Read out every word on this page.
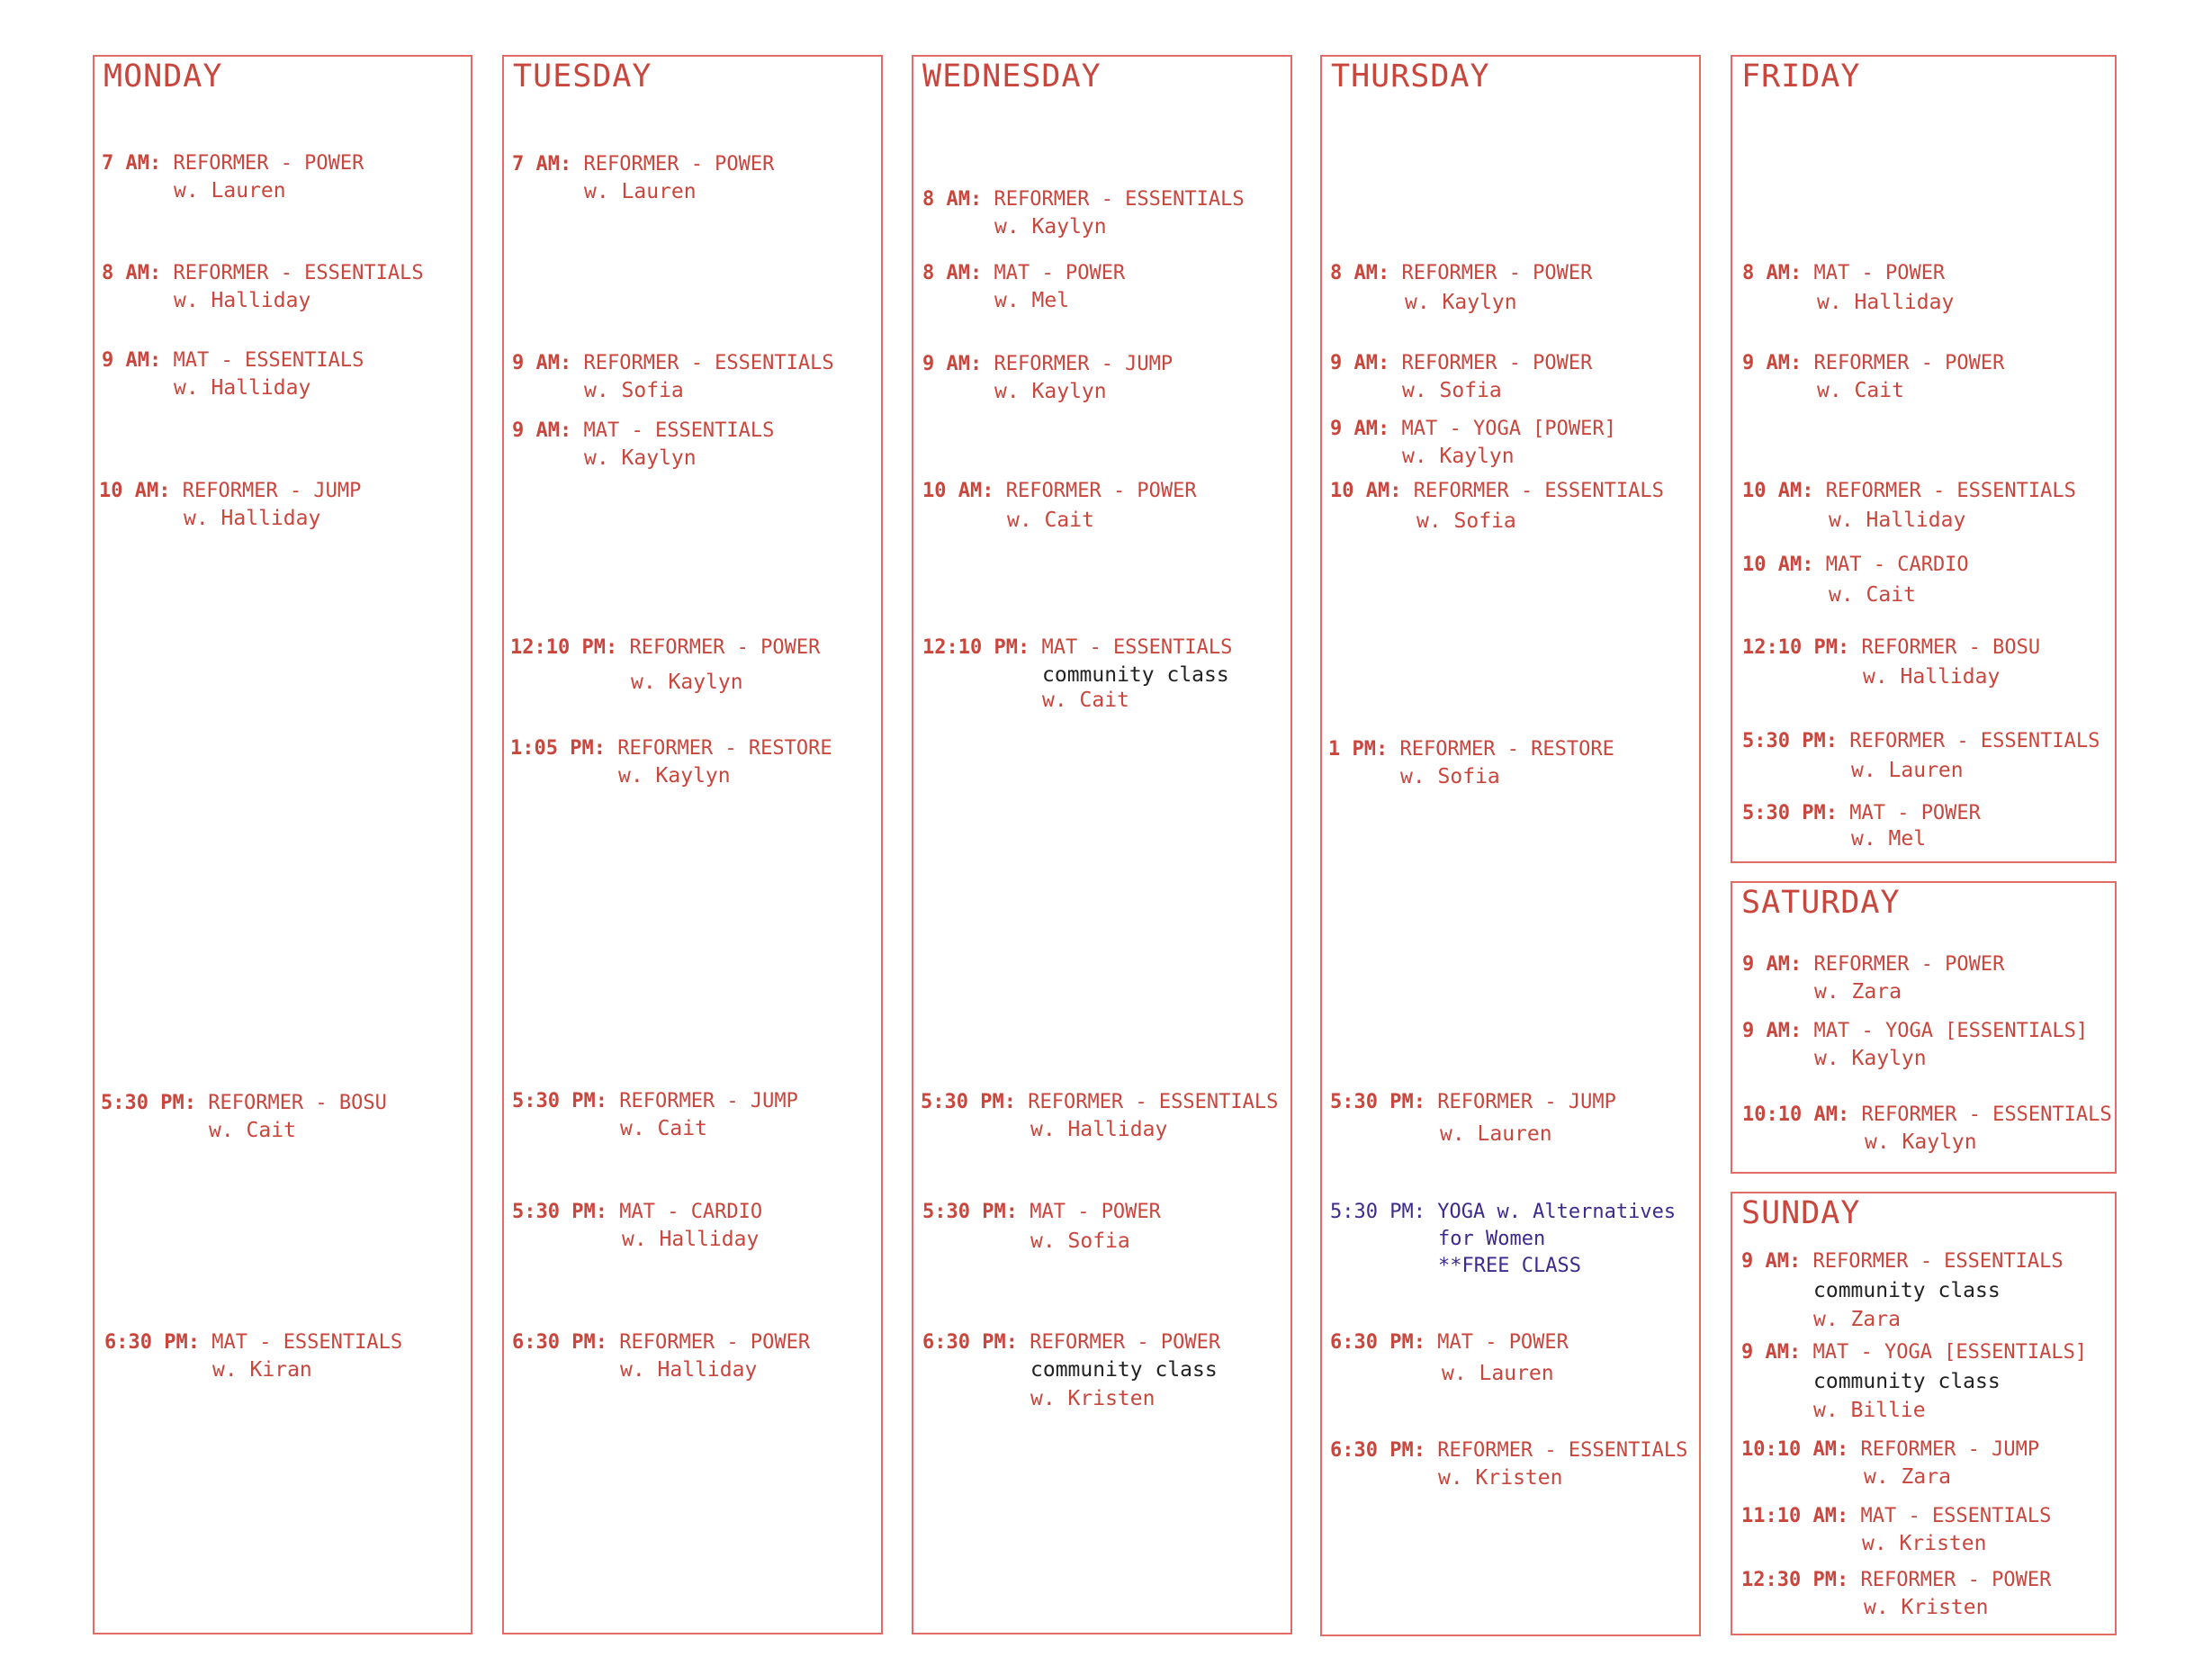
MONDAY
7 AM: REFORMER - POWER
w. Lauren
8 AM: REFORMER - ESSENTIALS
w. Halliday
9 AM: MAT - ESSENTIALS
w. Halliday
10 AM: REFORMER - JUMP
w. Halliday
5:30 PM: REFORMER - BOSU
w. Cait
6:30 PM: MAT - ESSENTIALS
w. Kiran
TUESDAY
7 AM: REFORMER - POWER
w. Lauren
9 AM: REFORMER - ESSENTIALS
w. Sofia
9 AM: MAT - ESSENTIALS
w. Kaylyn
12:10 PM: REFORMER - POWER
w. Kaylyn
1:05 PM: REFORMER - RESTORE
w. Kaylyn
5:30 PM: REFORMER - JUMP
w. Cait
5:30 PM: MAT - CARDIO
w. Halliday
6:30 PM: REFORMER - POWER
w. Halliday
WEDNESDAY
8 AM: REFORMER - ESSENTIALS
w. Kaylyn
8 AM: MAT - POWER
w. Mel
9 AM: REFORMER - JUMP
w. Kaylyn
10 AM: REFORMER - POWER
w. Cait
12:10 PM: MAT - ESSENTIALS
community class
w. Cait
5:30 PM: REFORMER - ESSENTIALS
w. Halliday
5:30 PM: MAT - POWER
w. Sofia
6:30 PM: REFORMER - POWER
community class
w. Kristen
THURSDAY
8 AM: REFORMER - POWER
w. Kaylyn
9 AM: REFORMER - POWER
w. Sofia
9 AM: MAT - YOGA [POWER]
w. Kaylyn
10 AM: REFORMER - ESSENTIALS
w. Sofia
1 PM: REFORMER - RESTORE
w. Sofia
5:30 PM: REFORMER - JUMP
w. Lauren
5:30 PM: YOGA w. Alternatives
for Women
**FREE CLASS
6:30 PM: MAT - POWER
w. Lauren
6:30 PM: REFORMER - ESSENTIALS
w. Kristen
FRIDAY
8 AM: MAT - POWER
w. Halliday
9 AM: REFORMER - POWER
w. Cait
10 AM: REFORMER - ESSENTIALS
w. Halliday
10 AM: MAT - CARDIO
w. Cait
12:10 PM: REFORMER - BOSU
w. Halliday
5:30 PM: REFORMER - ESSENTIALS
w. Lauren
5:30 PM: MAT - POWER
w. Mel
SATURDAY
9 AM: REFORMER - POWER
w. Zara
9 AM: MAT - YOGA [ESSENTIALS]
w. Kaylyn
10:10 AM: REFORMER - ESSENTIALS
w. Kaylyn
SUNDAY
9 AM: REFORMER - ESSENTIALS
community class
w. Zara
9 AM: MAT - YOGA [ESSENTIALS]
community class
w. Billie
10:10 AM: REFORMER - JUMP
w. Zara
11:10 AM: MAT - ESSENTIALS
w. Kristen
12:30 PM: REFORMER - POWER
w. Kristen
